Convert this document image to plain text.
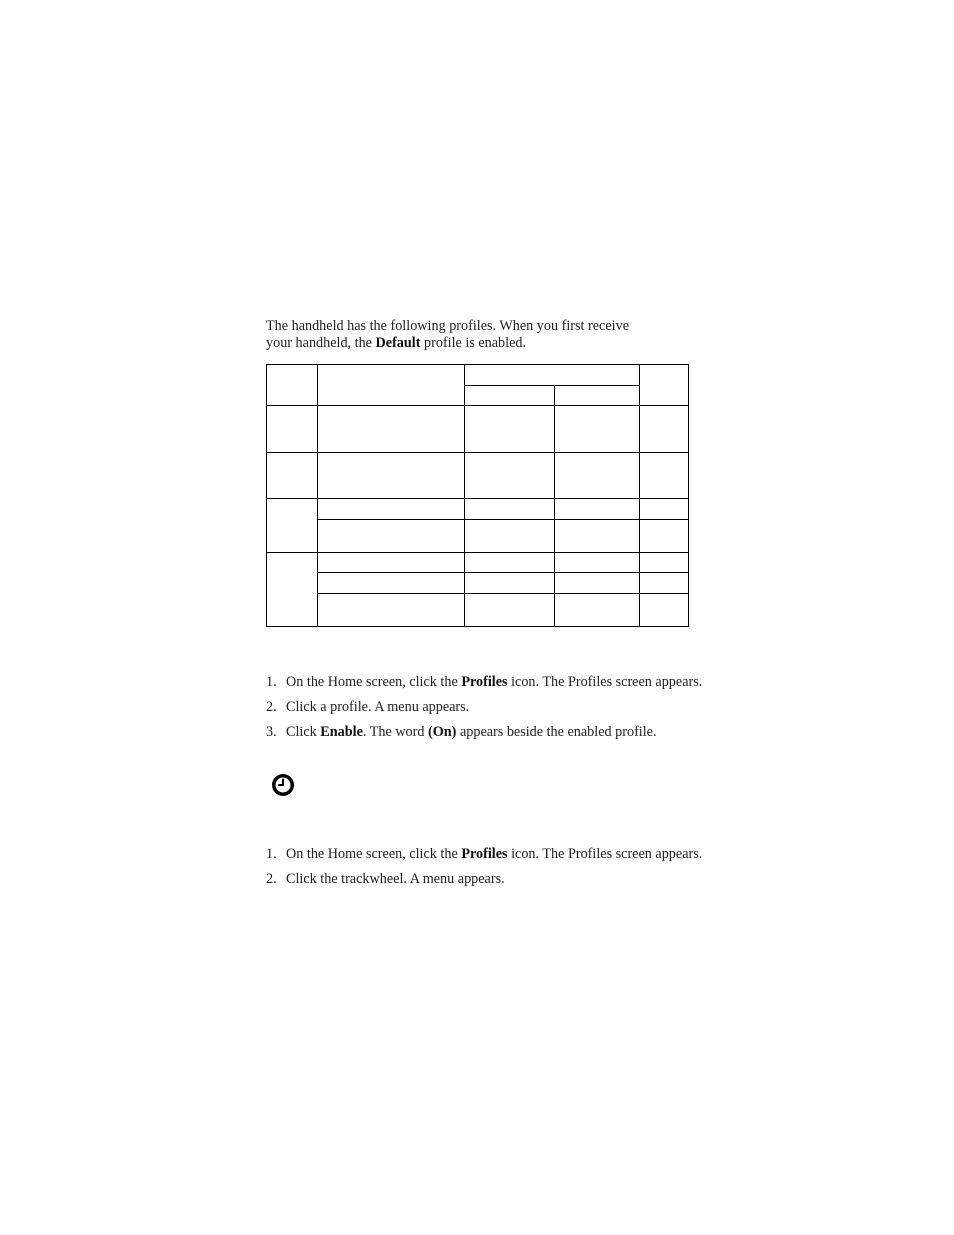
The handheld has the following profiles. When you first receive
your handheld, the Default profile is enabled.

1. On the Home screen, click the Profiles icon. The Profiles screen appears.
2. Click a profile. A menu appears.
3. Click Enable. The word (On) appears beside the enabled profile.
1. On the Home screen, click the Profiles icon. The Profiles screen appears.
2. Click the trackwheel. A menu appears.
